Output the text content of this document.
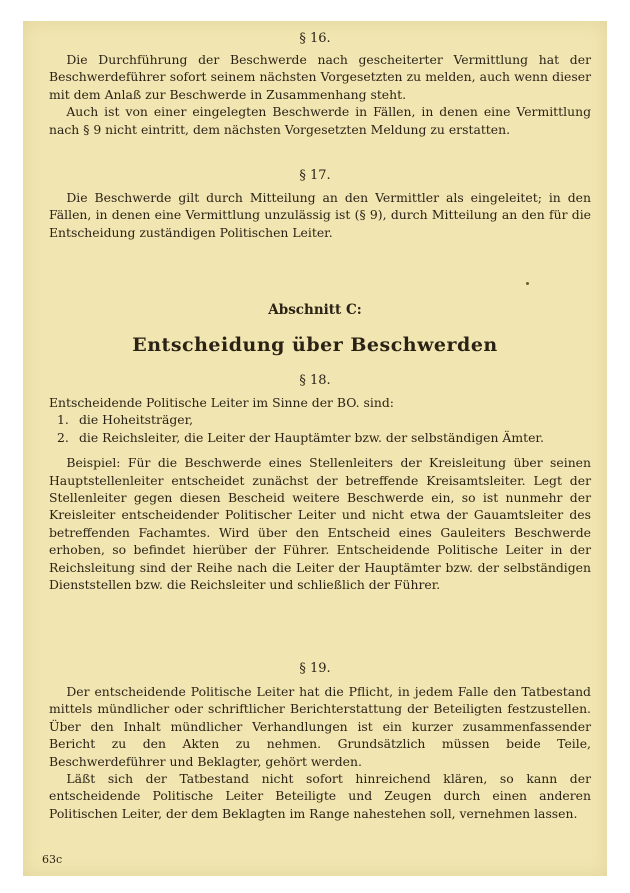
§ 16.

Die Durchführung der Beschwerde nach gescheiterter Vermittlung hat der Beschwerdeführer sofort seinem nächsten Vorgesetzten zu melden, auch wenn dieser mit dem Anlaß zur Beschwerde in Zusammenhang steht.

Auch ist von einer eingelegten Beschwerde in Fällen, in denen eine Vermittlung nach § 9 nicht eintritt, dem nächsten Vorgesetzten Meldung zu erstatten.

§ 17.

Die Beschwerde gilt durch Mitteilung an den Vermittler als eingeleitet; in den Fällen, in denen eine Vermittlung unzulässig ist (§ 9), durch Mitteilung an den für die Entscheidung zuständigen Politischen Leiter.

Abschnitt C:
Entscheidung über Beschwerden
§ 18.

Entscheidende Politische Leiter im Sinne der BO. sind:

1. die Hoheitsträger,
2. die Reichsleiter, die Leiter der Hauptämter bzw. der selbständigen Ämter.

Beispiel: Für die Beschwerde eines Stellenleiters der Kreisleitung über seinen Hauptstellenleiter entscheidet zunächst der betreffende Kreisamtsleiter. Legt der Stellenleiter gegen diesen Bescheid weitere Beschwerde ein, so ist nunmehr der Kreisleiter entscheidender Politischer Leiter und nicht etwa der Gauamtsleiter des betreffenden Fachamtes. Wird über den Entscheid eines Gauleiters Beschwerde erhoben, so befindet hierüber der Führer. Entscheidende Politische Leiter in der Reichsleitung sind der Reihe nach die Leiter der Hauptämter bzw. der selbständigen Dienststellen bzw. die Reichsleiter und schließlich der Führer.

§ 19.

Der entscheidende Politische Leiter hat die Pflicht, in jedem Falle den Tatbestand mittels mündlicher oder schriftlicher Berichterstattung der Beteiligten festzustellen. Über den Inhalt mündlicher Verhandlungen ist ein kurzer zusammenfassender Bericht zu den Akten zu nehmen. Grundsätzlich müssen beide Teile, Beschwerdeführer und Beklagter, gehört werden.

Läßt sich der Tatbestand nicht sofort hinreichend klären, so kann der entscheidende Politische Leiter Beteiligte und Zeugen durch einen anderen Politischen Leiter, der dem Beklagten im Range nahestehen soll, vernehmen lassen.

63c
